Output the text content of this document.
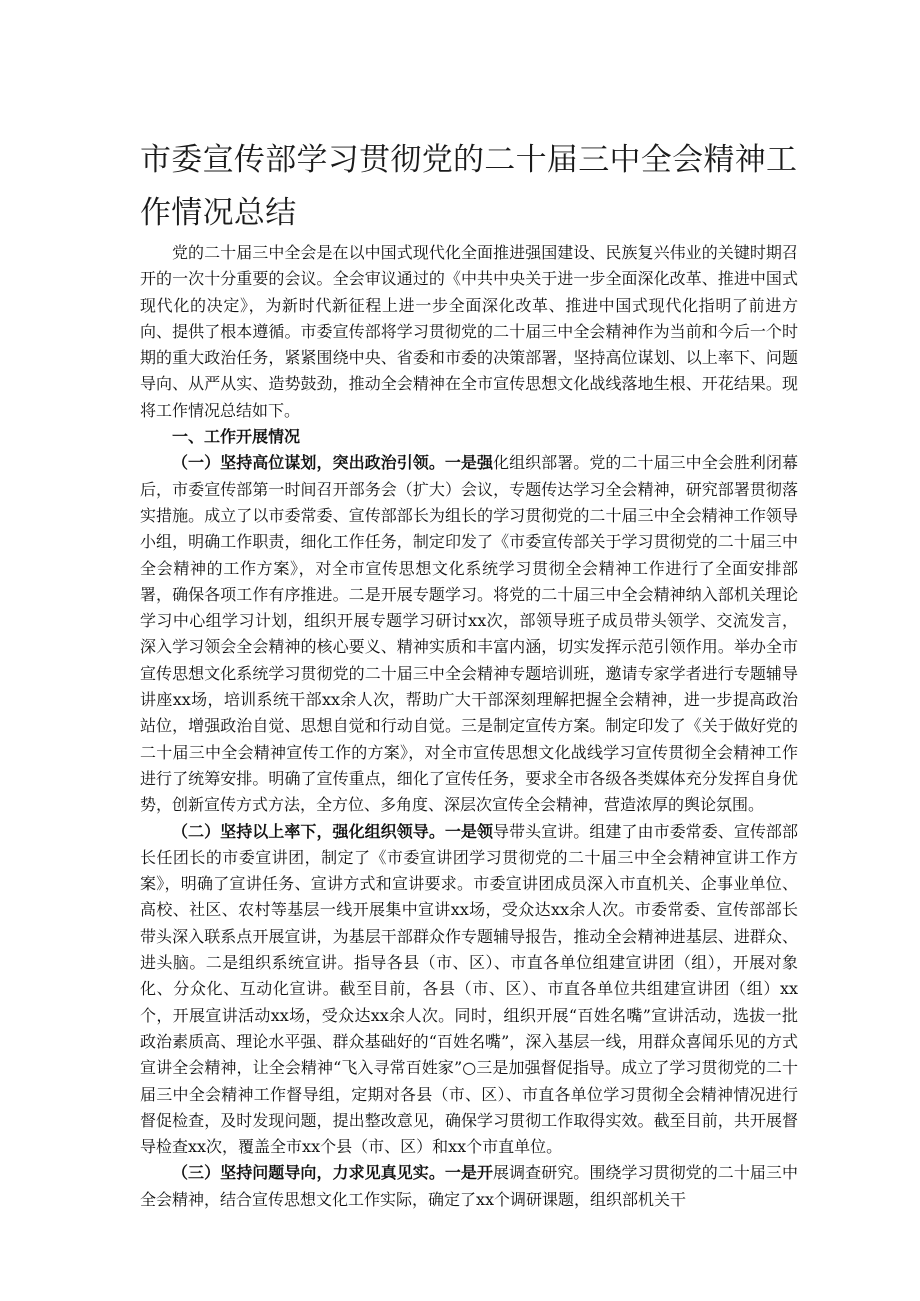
市委宣传部学习贯彻党的二十届三中全会精神工作情况总结

党的二十届三中全会是在以中国式现代化全面推进强国建设、民族复兴伟业的关键时期召开的一次十分重要的会议。全会审议通过的《中共中央关于进一步全面深化改革、推进中国式现代化的决定》，为新时代新征程上进一步全面深化改革、推进中国式现代化指明了前进方向、提供了根本遵循。市委宣传部将学习贯彻党的二十届三中全会精神作为当前和今后一个时期的重大政治任务，紧紧围绕中央、省委和市委的决策部署，坚持高位谋划、以上率下、问题导向、从严从实、造势鼓劲，推动全会精神在全市宣传思想文化战线落地生根、开花结果。现将工作情况总结如下。

一、工作开展情况

（一）坚持高位谋划，突出政治引领。一是强化组织部署。党的二十届三中全会胜利闭幕后，市委宣传部第一时间召开部务会（扩大）会议，专题传达学习全会精神，研究部署贯彻落实措施。成立了以市委常委、宣传部部长为组长的学习贯彻党的二十届三中全会精神工作领导小组，明确工作职责，细化工作任务，制定印发了《市委宣传部关于学习贯彻党的二十届三中全会精神的工作方案》，对全市宣传思想文化系统学习贯彻全会精神工作进行了全面安排部署，确保各项工作有序推进。二是开展专题学习。将党的二十届三中全会精神纳入部机关理论学习中心组学习计划，组织开展专题学习研讨xx次，部领导班子成员带头领学、交流发言，深入学习领会全会精神的核心要义、精神实质和丰富内涵，切实发挥示范引领作用。举办全市宣传思想文化系统学习贯彻党的二十届三中全会精神专题培训班，邀请专家学者进行专题辅导讲座xx场，培训系统干部xx余人次，帮助广大干部深刻理解把握全会精神，进一步提高政治站位，增强政治自觉、思想自觉和行动自觉。三是制定宣传方案。制定印发了《关于做好党的二十届三中全会精神宣传工作的方案》，对全市宣传思想文化战线学习宣传贯彻全会精神工作进行了统筹安排。明确了宣传重点，细化了宣传任务，要求全市各级各类媒体充分发挥自身优势，创新宣传方式方法，全方位、多角度、深层次宣传全会精神，营造浓厚的舆论氛围。

（二）坚持以上率下，强化组织领导。一是领导带头宣讲。组建了由市委常委、宣传部部长任团长的市委宣讲团，制定了《市委宣讲团学习贯彻党的二十届三中全会精神宣讲工作方案》，明确了宣讲任务、宣讲方式和宣讲要求。市委宣讲团成员深入市直机关、企事业单位、高校、社区、农村等基层一线开展集中宣讲xx场，受众达xx余人次。市委常委、宣传部部长带头深入联系点开展宣讲，为基层干部群众作专题辅导报告，推动全会精神进基层、进群众、进头脑。二是组织系统宣讲。指导各县（市、区）、市直各单位组建宣讲团（组），开展对象化、分众化、互动化宣讲。截至目前，各县（市、区）、市直各单位共组建宣讲团（组）xx个，开展宣讲活动xx场，受众达xx余人次。同时，组织开展“百姓名嘴”宣讲活动，选拔一批政治素质高、理论水平强、群众基础好的“百姓名嘴”，深入基层一线，用群众喜闻乐见的方式宣讲全会精神，让全会精神“飞入寻常百姓家”○三是加强督促指导。成立了学习贯彻党的二十届三中全会精神工作督导组，定期对各县（市、区）、市直各单位学习贯彻全会精神情况进行督促检查，及时发现问题，提出整改意见，确保学习贯彻工作取得实效。截至目前，共开展督导检查xx次，覆盖全市xx个县（市、区）和xx个市直单位。

（三）坚持问题导向，力求见真见实。一是开展调查研究。围绕学习贯彻党的二十届三中全会精神，结合宣传思想文化工作实际，确定了xx个调研课题，组织部机关干
